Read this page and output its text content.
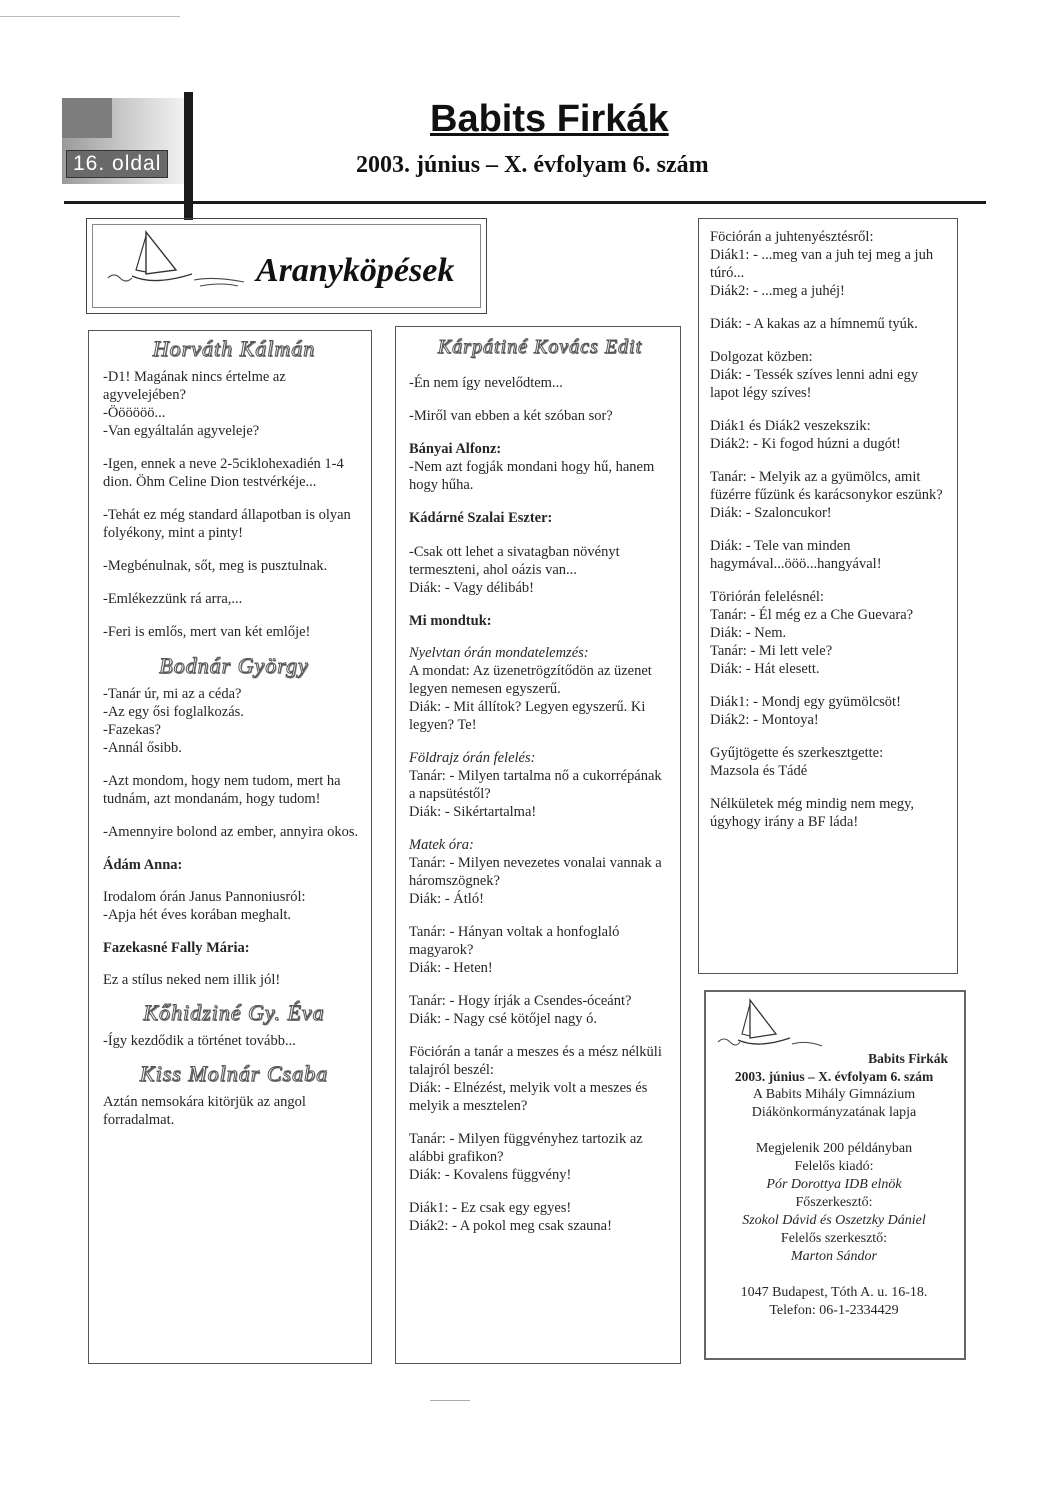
16. oldal
Babits Firkák
2003. június – X. évfolyam 6. szám
Aranyköpések
Horváth Kálmán

-D1! Magának nincs értelme az agyvelejében?
-Öööööö...
-Van egyáltalán agyveleje?

-Igen, ennek a neve 2-5ciklohexadién 1-4 dion. Öhm Celine Dion testvérkéje...

-Tehát ez még standard állapotban is olyan folyékony, mint a pinty!

-Megbénulnak, sőt, meg is pusztulnak.

-Emlékezzünk rá arra,...

-Feri is emlős, mert van két emlője!

Bodnár György

-Tanár úr, mi az a céda?
-Az egy ősi foglalkozás.
-Fazekas?
-Annál ősibb.

-Azt mondom, hogy nem tudom, mert ha tudnám, azt mondanám, hogy tudom!

-Amennyire bolond az ember, annyira okos.

Ádám Anna:

Irodalom órán Janus Pannoniusról:
-Apja hét éves korában meghalt.

Fazekasné Fally Mária:

Ez a stílus neked nem illik jól!

Kőhidziné Gy. Éva

-Így kezdődik a történet tovább...

Kiss Molnár Csaba

Aztán nemsokára kitörjük az angol forradalmat.

Kárpátiné Kovács Edit

-Én nem így nevelődtem...

-Miről van ebben a két szóban sor?

Bányai Alfonz:

-Nem azt fogják mondani hogy hű, hanem hogy hűha.

Kádárné Szalai Eszter:

-Csak ott lehet a sivatagban növényt termeszteni, ahol oázis van...
Diák: - Vagy délibáb!

Mi mondtuk:
Nyelvtan órán mondatelemzés:

A mondat: Az üzenetrögzítődön az üzenet legyen nemesen egyszerű.
Diák: - Mit állítok? Legyen egyszerű. Ki legyen? Te!

Földrajz órán felelés:

Tanár: - Milyen tartalma nő a cukorrépának a napsütéstől?
Diák: - Sikértartalma!

Matek óra:

Tanár: - Milyen nevezetes vonalai vannak a háromszögnek?
Diák: - Átló!

Tanár: - Hányan voltak a honfoglaló magyarok?
Diák: - Heten!

Tanár: - Hogy írják a Csendes-óceánt?
Diák: - Nagy csé kötőjel nagy ó.

Föciórán a tanár a meszes és a mész nélküli talajról beszél:
Diák: - Elnézést, melyik volt a meszes és melyik a mesztelen?

Tanár: - Milyen függvényhez tartozik az alábbi grafikon?
Diák: - Kovalens függvény!

Diák1: - Ez csak egy egyes!
Diák2: - A pokol meg csak szauna!

Föciórán a juhtenyésztésről:
Diák1: - ...meg van a juh tej meg a juh túró...
Diák2: - ...meg a juhéj!

Diák: - A kakas az a hímnemű tyúk.

Dolgozat közben:
Diák: - Tessék szíves lenni adni egy lapot légy szíves!

Diák1 és Diák2 veszekszik:
Diák2: - Ki fogod húzni a dugót!

Tanár: - Melyik az a gyümölcs, amit füzérre fűzünk és karácsonykor eszünk?
Diák: - Szaloncukor!

Diák: - Tele van minden hagymával...ööö...hangyával!

Töriórán felelésnél:
Tanár: - Él még ez a Che Guevara?
Diák: - Nem.
Tanár: - Mi lett vele?
Diák: - Hát elesett.

Diák1: - Mondj egy gyümölcsöt!
Diák2: - Montoya!

Gyűjtögette és szerkesztgette:
Mazsola és Tádé

Nélkületek még mindig nem megy, úgyhogy irány a BF láda!

Babits Firkák
2003. június – X. évfolyam 6. szám
A Babits Mihály Gimnázium
Diákönkormányzatának lapja
Megjelenik 200 példányban
Felelős kiadó:
Pór Dorottya IDB elnök
Főszerkesztő:
Szokol Dávid és Oszetzky Dániel
Felelős szerkesztő:
Marton Sándor
1047 Budapest, Tóth A. u. 16-18.
Telefon: 06-1-2334429
